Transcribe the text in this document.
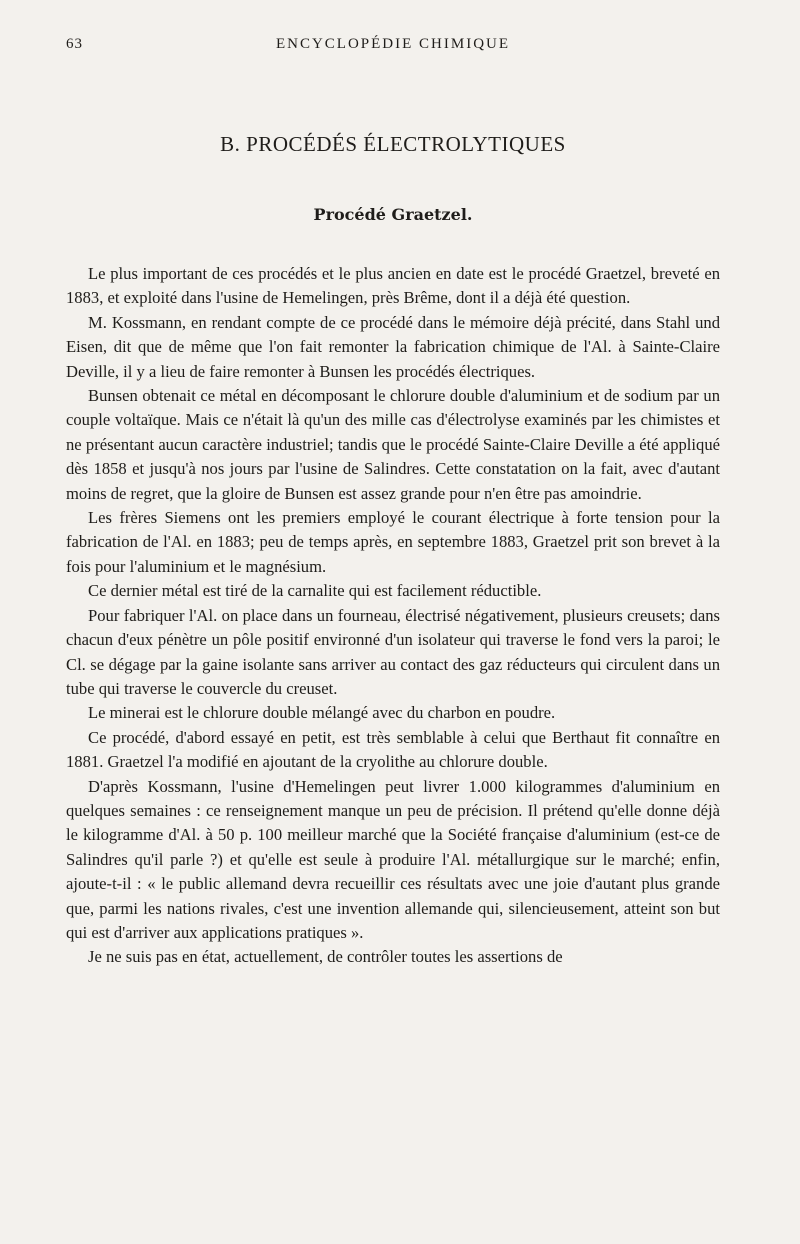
63	ENCYCLOPÉDIE CHIMIQUE
B. PROCÉDÉS ÉLECTROLYTIQUES
Procédé Graetzel.

Le plus important de ces procédés et le plus ancien en date est le procédé Graetzel, breveté en 1883, et exploité dans l'usine de Hemelingen, près Brême, dont il a déjà été question.

M. Kossmann, en rendant compte de ce procédé dans le mémoire déjà précité, dans Stahl und Eisen, dit que de même que l'on fait remonter la fabrication chimique de l'Al. à Sainte-Claire Deville, il y a lieu de faire remonter à Bunsen les procédés électriques.

Bunsen obtenait ce métal en décomposant le chlorure double d'aluminium et de sodium par un couple voltaïque. Mais ce n'était là qu'un des mille cas d'électrolyse examinés par les chimistes et ne présentant aucun caractère industriel; tandis que le procédé Sainte-Claire Deville a été appliqué dès 1858 et jusqu'à nos jours par l'usine de Salindres. Cette constatation on la fait, avec d'autant moins de regret, que la gloire de Bunsen est assez grande pour n'en être pas amoindrie.

Les frères Siemens ont les premiers employé le courant électrique à forte tension pour la fabrication de l'Al. en 1883; peu de temps après, en septembre 1883, Graetzel prit son brevet à la fois pour l'aluminium et le magnésium.

Ce dernier métal est tiré de la carnalite qui est facilement réductible.

Pour fabriquer l'Al. on place dans un fourneau, électrisé négativement, plusieurs creusets; dans chacun d'eux pénètre un pôle positif environné d'un isolateur qui traverse le fond vers la paroi; le Cl. se dégage par la gaine isolante sans arriver au contact des gaz réducteurs qui circulent dans un tube qui traverse le couvercle du creuset.

Le minerai est le chlorure double mélangé avec du charbon en poudre.

Ce procédé, d'abord essayé en petit, est très semblable à celui que Berthaut fit connaître en 1881. Graetzel l'a modifié en ajoutant de la cryolithe au chlorure double.

D'après Kossmann, l'usine d'Hemelingen peut livrer 1.000 kilogrammes d'aluminium en quelques semaines : ce renseignement manque un peu de précision. Il prétend qu'elle donne déjà le kilogramme d'Al. à 50 p. 100 meilleur marché que la Société française d'aluminium (est-ce de Salindres qu'il parle ?) et qu'elle est seule à produire l'Al. métallurgique sur le marché; enfin, ajoute-t-il : « le public allemand devra recueillir ces résultats avec une joie d'autant plus grande que, parmi les nations rivales, c'est une invention allemande qui, silencieusement, atteint son but qui est d'arriver aux applications pratiques ».

Je ne suis pas en état, actuellement, de contrôler toutes les assertions de
